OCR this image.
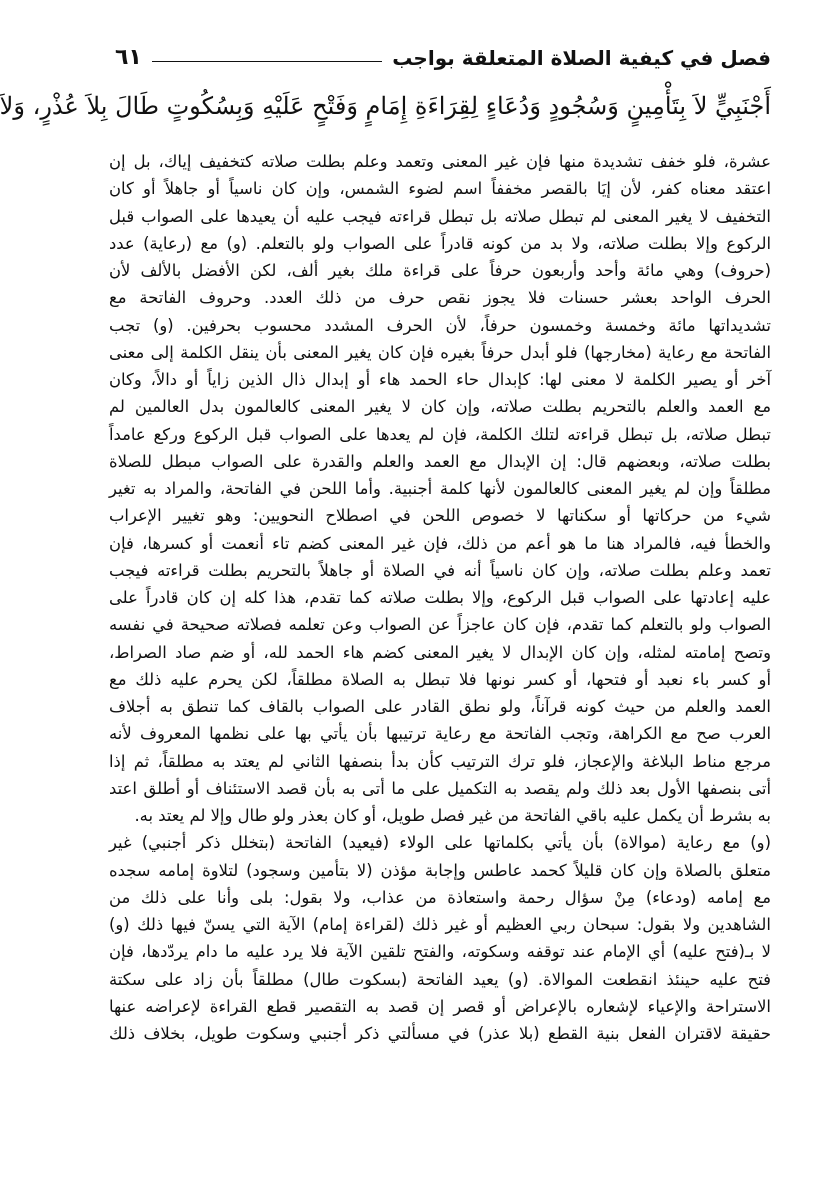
فصل في كيفية الصلاة المتعلقة بواجب
٦١
أَجْنَبِيٍّ لاَ بِتَأْمِينٍ وَسُجُودٍ وَدُعَاءٍ لِقِرَاءَةِ إِمَامٍ وَفَتْحٍ عَلَيْهِ وَبِسُكُوتٍ طَالَ بِلاَ عُذْرٍ، وَلاَ
عشرة، فلو خفف تشديدة منها فإن غير المعنى وتعمد وعلم بطلت صلاته كتخفيف إياك، بل إن
اعتقد معناه كفر، لأن إيَا بالقصر مخففاً اسم لضوء الشمس، وإن كان ناسياً أو جاهلاً أو كان
التخفيف لا يغير المعنى لم تبطل صلاته بل تبطل قراءته فيجب عليه أن يعيدها على الصواب قبل
الركوع وإلا بطلت صلاته، ولا بد من كونه قادراً على الصواب ولو بالتعلم. (و) مع (رعاية) عدد
(حروف) وهي مائة وأحد وأربعون حرفاً على قراءة ملك بغير ألف، لكن الأفضل بالألف لأن
الحرف الواحد بعشر حسنات فلا يجوز نقص حرف من ذلك العدد. وحروف الفاتحة مع
تشديداتها مائة وخمسة وخمسون حرفاً، لأن الحرف المشدد محسوب بحرفين. (و) تجب
الفاتحة مع رعاية (مخارجها) فلو أبدل حرفاً بغيره فإن كان يغير المعنى بأن ينقل الكلمة إلى معنى
آخر أو يصير الكلمة لا معنى لها: كإبدال حاء الحمد هاء أو إبدال ذال الذين زاياً أو دالاً، وكان
مع العمد والعلم بالتحريم بطلت صلاته، وإن كان لا يغير المعنى كالعالمون بدل العالمين لم
تبطل صلاته، بل تبطل قراءته لتلك الكلمة، فإن لم يعدها على الصواب قبل الركوع وركع عامداً
بطلت صلاته، وبعضهم قال: إن الإبدال مع العمد والعلم والقدرة على الصواب مبطل للصلاة
مطلقاً وإن لم يغير المعنى كالعالمون لأنها كلمة أجنبية. وأما اللحن في الفاتحة، والمراد به تغير
شيء من حركاتها أو سكناتها لا خصوص اللحن في اصطلاح النحويين: وهو تغيير الإعراب
والخطأ فيه، فالمراد هنا ما هو أعم من ذلك، فإن غير المعنى كضم تاء أنعمت أو كسرها، فإن
تعمد وعلم بطلت صلاته، وإن كان ناسياً أنه في الصلاة أو جاهلاً بالتحريم بطلت قراءته فيجب
عليه إعادتها على الصواب قبل الركوع، وإلا بطلت صلاته كما تقدم، هذا كله إن كان قادراً على
الصواب ولو بالتعلم كما تقدم، فإن كان عاجزاً عن الصواب وعن تعلمه فصلاته صحيحة في نفسه
وتصح إمامته لمثله، وإن كان الإبدال لا يغير المعنى كضم هاء الحمد لله، أو ضم صاد الصراط،
أو كسر باء نعبد أو فتحها، أو كسر نونها فلا تبطل به الصلاة مطلقاً، لكن يحرم عليه ذلك مع
العمد والعلم من حيث كونه قرآناً، ولو نطق القادر على الصواب بالقاف كما تنطق به أجلاف
العرب صح مع الكراهة، وتجب الفاتحة مع رعاية ترتيبها بأن يأتي بها على نظمها المعروف لأنه
مرجع مناط البلاغة والإعجاز، فلو ترك الترتيب كأن بدأ بنصفها الثاني لم يعتد به مطلقاً، ثم إذا
أتى بنصفها الأول بعد ذلك ولم يقصد به التكميل على ما أتى به بأن قصد الاستئناف أو أطلق اعتد
به بشرط أن يكمل عليه باقي الفاتحة من غير فصل طويل، أو كان بعذر ولو طال وإلا لم يعتد به.
(و) مع رعاية (موالاة) بأن يأتي بكلماتها على الولاء (فيعيد) الفاتحة (بتخلل ذكر أجنبي) غير
متعلق بالصلاة وإن كان قليلاً كحمد عاطس وإجابة مؤذن (لا بتأمين وسجود) لتلاوة إمامه سجده
مع إمامه (ودعاء) مِنْ سؤال رحمة واستعاذة من عذاب، ولا بقول: بلى وأنا على ذلك من
الشاهدين ولا بقول: سبحان ربي العظيم أو غير ذلك (لقراءة إمام) الآية التي يسنّ فيها ذلك (و)
لا بـ(فتح عليه) أي الإمام عند توقفه وسكوته، والفتح تلقين الآية فلا يرد عليه ما دام يردّدها، فإن
فتح عليه حينئذ انقطعت الموالاة. (و) يعيد الفاتحة (بسكوت طال) مطلقاً بأن زاد على سكتة
الاستراحة والإعياء لإشعاره بالإعراض أو قصر إن قصد به التقصير قطع القراءة لإعراضه عنها
حقيقة لاقتران الفعل بنية القطع (بلا عذر) في مسألتي ذكر أجنبي وسكوت طويل، بخلاف ذلك
